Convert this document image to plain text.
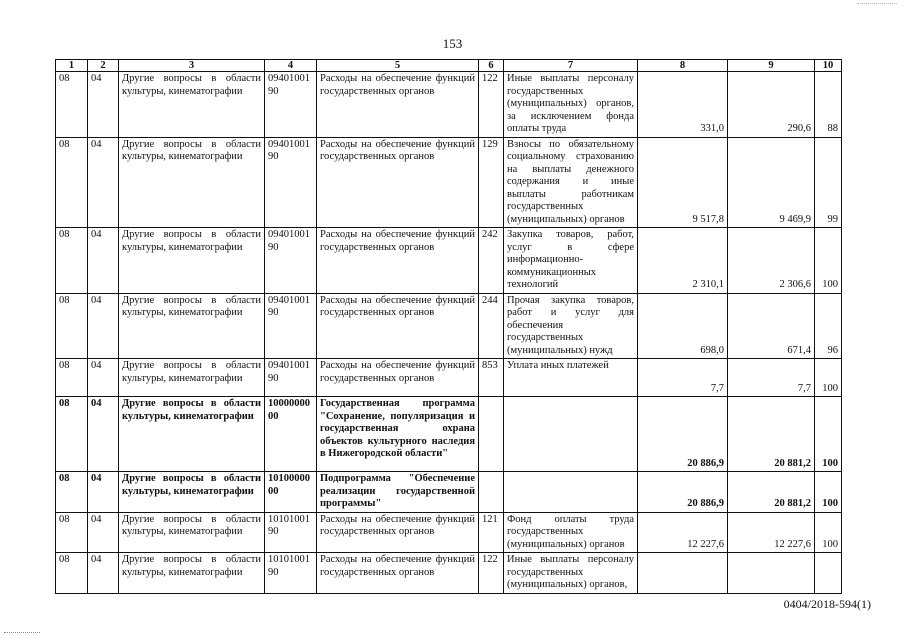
153
1	2	3	4	5	6	7	8	9	10
08	04	Другие вопросы в области культуры, кинематографии	0940100190	Расходы на обеспечение функций государственных органов	122	Иные выплаты персоналу государственных (муниципальных) органов, за исключением фонда оплаты труда	331,0	290,6	88
08	04	Другие вопросы в области культуры, кинематографии	0940100190	Расходы на обеспечение функций государственных органов	129	Взносы по обязательному социальному страхованию на выплаты денежного содержания и иные выплаты работникам государственных (муниципальных) органов	9 517,8	9 469,9	99
08	04	Другие вопросы в области культуры, кинематографии	0940100190	Расходы на обеспечение функций государственных органов	242	Закупка товаров, работ, услуг в сфере информационно-коммуникационных технологий	2 310,1	2 306,6	100
08	04	Другие вопросы в области культуры, кинематографии	0940100190	Расходы на обеспечение функций государственных органов	244	Прочая закупка товаров, работ и услуг для обеспечения государственных (муниципальных) нужд	698,0	671,4	96
08	04	Другие вопросы в области культуры, кинематографии	0940100190	Расходы на обеспечение функций государственных органов	853	Уплата иных платежей	7,7	7,7	100
08	04	Другие вопросы в области культуры, кинематографии	1000000000	Государственная программа "Сохранение, популяризация и государственная охрана объектов культурного наследия в Нижегородской области"			20 886,9	20 881,2	100
08	04	Другие вопросы в области культуры, кинематографии	1010000000	Подпрограмма "Обеспечение реализации государственной программы"			20 886,9	20 881,2	100
08	04	Другие вопросы в области культуры, кинематографии	1010100190	Расходы на обеспечение функций государственных органов	121	Фонд оплаты труда государственных (муниципальных) органов	12 227,6	12 227,6	100
08	04	Другие вопросы в области культуры, кинематографии	1010100190	Расходы на обеспечение функций государственных органов	122	Иные выплаты персоналу государственных (муниципальных) органов,			
0404/2018-594(1)
